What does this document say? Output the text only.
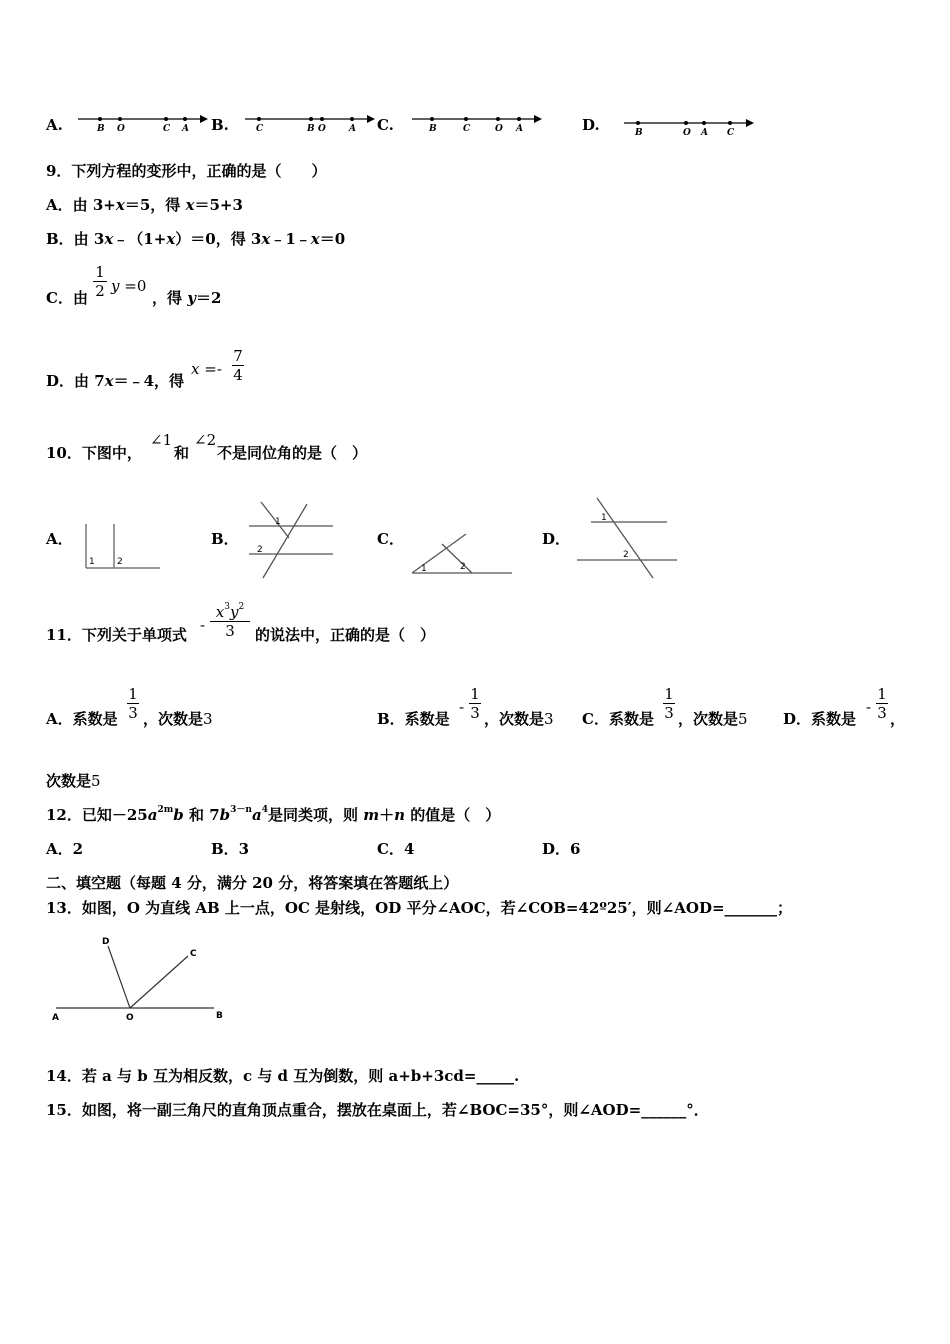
A.	B O	C A B.	C	B O	A C.	B	C	O A	D.	B	O A C
9．下列方程的变形中，正确的是（　　）
A．由 3+x＝5，得 x＝5+3
B．由 3x﹣（1+x）＝0，得 3x﹣1﹣x＝0
C．由
1
2 y =0
，得 y＝2
D．由 7x＝﹣4，得
x =-
7
4
10．下图中，
∠1
和
∠2
不是同位角的是（　）
A．
1 2
B．
1
2
C．
1	2
D．
1
2
11．下列关于单项式
-
$x^3y^2$
3	的说法中，正确的是（　）
A．系数是
1
3 ，次数是3	B．系数是
-
1
3 ，次数是3 C．系数是
1
3 ，次数是5 D．系数是
-
1
3 ，
次数是5
12．已知$-25a^{2m}b$ 和 $7b^{3-n}a^4$是同类项，则 m＋n 的值是（　）
A．2	B．3	C．4	D．6
二、填空题（每题 4 分，满分 20 分，将答案填在答题纸上）
13．如图，O 为直线 AB 上一点，OC 是射线，OD 平分∠AOC，若∠COB=42º25′，则∠AOD=_______；
D
C
A	O	B
14．若 a 与 b 互为相反数，c 与 d 互为倒数，则 a+b+3cd=_____.
15．如图，将一副三角尺的直角顶点重合，摆放在桌面上，若∠BOC=35°，则∠AOD=______°．
